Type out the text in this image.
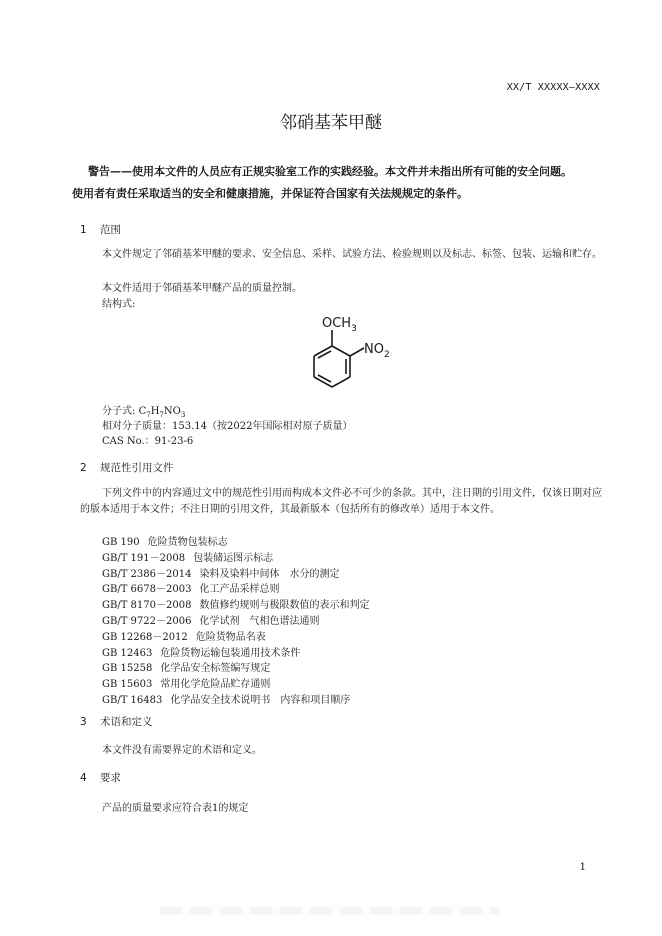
XX/T XXXXX—XXXX
邻硝基苯甲醚
警告——使用本文件的人员应有正规实验室工作的实践经验。本文件并未指出所有可能的安全问题。
使用者有责任采取适当的安全和健康措施，并保证符合国家有关法规规定的条件。
1 范围
本文件规定了邻硝基苯甲醚的要求、安全信息、采样、试验方法、检验规则以及标志、标签、包装、运输和贮存。
本文件适用于邻硝基苯甲醚产品的质量控制。
结构式:
$OCH_3$
$NO_2$
分子式: $C_7H_7NO_3$
相对分子质量：153.14（按2022年国际相对原子质量）
CAS No.：91-23-6
2 规范性引用文件
下列文件中的内容通过文中的规范性引用而构成本文件必不可少的条款。其中，注日期的引用文件，仅该日期对应的版本适用于本文件；不注日期的引用文件，其最新版本（包括所有的修改单）适用于本文件。
GB 190 危险货物包装标志
GB/T 191－2008 包装储运图示标志
GB/T 2386－2014 染料及染料中间体　水分的测定
GB/T 6678－2003 化工产品采样总则
GB/T 8170－2008 数值修约规则与极限数值的表示和判定
GB/T 9722－2006 化学试剂　气相色谱法通则
GB 12268－2012 危险货物品名表
GB 12463 危险货物运输包装通用技术条件
GB 15258 化学品安全标签编写规定
GB 15603 常用化学危险品贮存通则
GB/T 16483 化学品安全技术说明书　内容和项目顺序
3 术语和定义
本文件没有需要界定的术语和定义。
4 要求
产品的质量要求应符合表1的规定
1
